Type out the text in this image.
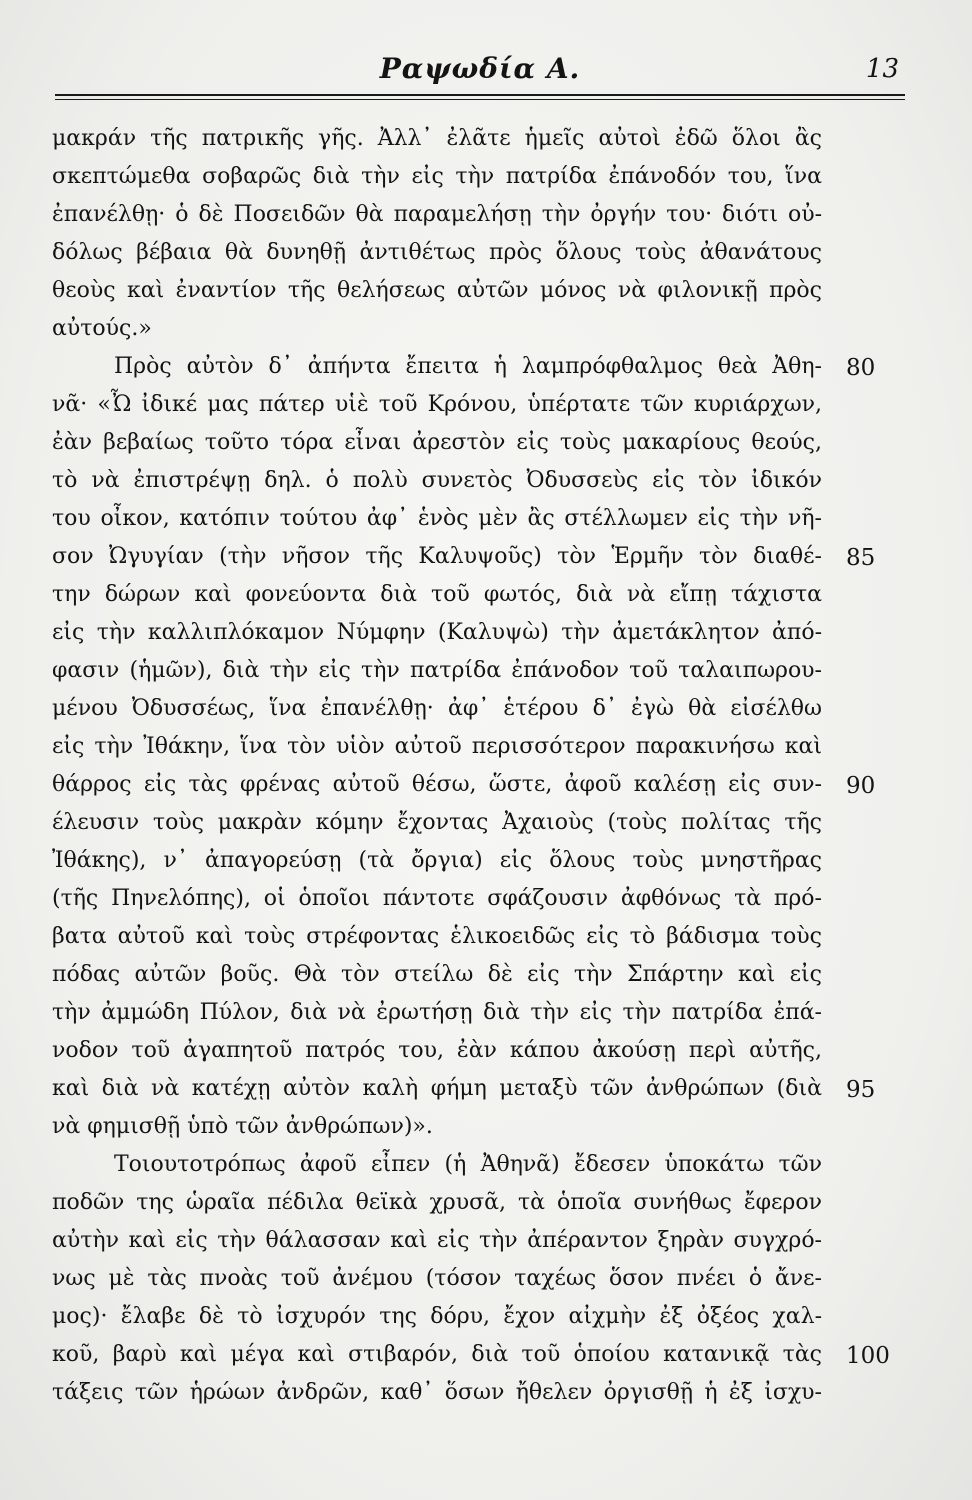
Ραψωδία Α.	13
μακράν τῆς πατρικῆς γῆς. Ἀλλ᾽ ἐλᾶτε ἡμεῖς αὐτοὶ ἐδῶ ὅλοι ἂς
σκεπτώμεθα σοβαρῶς διὰ τὴν εἰς τὴν πατρίδα ἐπάνοδόν του, ἵνα
ἐπανέλθῃ· ὁ δὲ Ποσειδῶν θὰ παραμελήσῃ τὴν ὀργήν του· διότι οὐ-
δόλως βέβαια θὰ δυνηθῇ ἀντιθέτως πρὸς ὅλους τοὺς ἀθανάτους
θεοὺς καὶ ἐναντίον τῆς θελήσεως αὐτῶν μόνος νὰ φιλονικῇ πρὸς
αὐτούς.»
Πρὸς αὐτὸν δ᾽ ἀπήντα ἔπειτα ἡ λαμπρόφθαλμος θεὰ Ἀθη-
νᾶ· «Ὦ ἰδικέ μας πάτερ υἱὲ τοῦ Κρόνου, ὑπέρτατε τῶν κυριάρχων,
ἐὰν βεβαίως τοῦτο τόρα εἶναι ἀρεστὸν εἰς τοὺς μακαρίους θεούς,
τὸ νὰ ἐπιστρέψῃ δηλ. ὁ πολὺ συνετὸς Ὀδυσσεὺς εἰς τὸν ἰδικόν
του οἶκον, κατόπιν τούτου ἀφ᾽ ἑνὸς μὲν ἂς στέλλωμεν εἰς τὴν νῆ-
σον Ὠγυγίαν (τὴν νῆσον τῆς Καλυψοῦς) τὸν Ἑρμῆν τὸν διαθέ-
την δώρων καὶ φονεύοντα διὰ τοῦ φωτός, διὰ νὰ εἴπῃ τάχιστα
εἰς τὴν καλλιπλόκαμον Νύμφην (Καλυψὼ) τὴν ἀμετάκλητον ἀπό-
φασιν (ἡμῶν), διὰ τὴν εἰς τὴν πατρίδα ἐπάνοδον τοῦ ταλαιπωρου-
μένου Ὀδυσσέως, ἵνα ἐπανέλθῃ· ἀφ᾽ ἑτέρου δ᾽ ἐγὼ θὰ εἰσέλθω
εἰς τὴν Ἰθάκην, ἵνα τὸν υἱὸν αὐτοῦ περισσότερον παρακινήσω καὶ
θάρρος εἰς τὰς φρένας αὐτοῦ θέσω, ὥστε, ἀφοῦ καλέσῃ εἰς συν-
έλευσιν τοὺς μακρὰν κόμην ἔχοντας Ἀχαιοὺς (τοὺς πολίτας τῆς
Ἰθάκης), ν᾽ ἀπαγορεύσῃ (τὰ ὄργια) εἰς ὅλους τοὺς μνηστῆρας
(τῆς Πηνελόπης), οἱ ὁποῖοι πάντοτε σφάζουσιν ἀφθόνως τὰ πρό-
βατα αὐτοῦ καὶ τοὺς στρέφοντας ἑλικοειδῶς εἰς τὸ βάδισμα τοὺς
πόδας αὐτῶν βοῦς. Θὰ τὸν στείλω δὲ εἰς τὴν Σπάρτην καὶ εἰς
τὴν ἀμμώδη Πύλον, διὰ νὰ ἐρωτήσῃ διὰ τὴν εἰς τὴν πατρίδα ἐπά-
νοδον τοῦ ἀγαπητοῦ πατρός του, ἐὰν κάπου ἀκούσῃ περὶ αὐτῆς,
καὶ διὰ νὰ κατέχῃ αὐτὸν καλὴ φήμη μεταξὺ τῶν ἀνθρώπων (διὰ
νὰ φημισθῇ ὑπὸ τῶν ἀνθρώπων)».
Τοιουτοτρόπως ἀφοῦ εἶπεν (ἡ Ἀθηνᾶ) ἔδεσεν ὑποκάτω τῶν
ποδῶν της ὡραῖα πέδιλα θεϊκὰ χρυσᾶ, τὰ ὁποῖα συνήθως ἔφερον
αὐτὴν καὶ εἰς τὴν θάλασσαν καὶ εἰς τὴν ἀπέραντον ξηρὰν συγχρό-
νως μὲ τὰς πνοὰς τοῦ ἀνέμου (τόσον ταχέως ὅσον πνέει ὁ ἄνε-
μος)· ἔλαβε δὲ τὸ ἰσχυρόν της δόρυ, ἔχον αἰχμὴν ἐξ ὀξέος χαλ-
κοῦ, βαρὺ καὶ μέγα καὶ στιβαρόν, διὰ τοῦ ὁποίου κατανικᾷ τὰς
τάξεις τῶν ἡρώων ἀνδρῶν, καθ᾽ ὅσων ἤθελεν ὀργισθῇ ἡ ἐξ ἰσχυ-
80
85
90
95
100
